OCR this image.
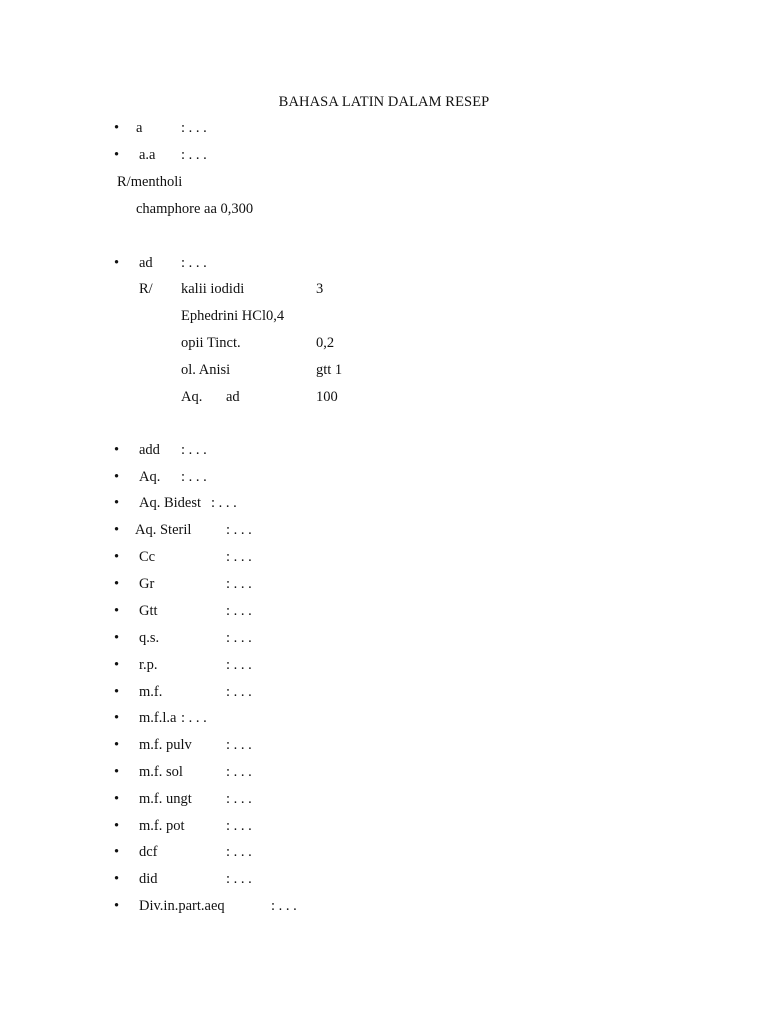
BAHASA LATIN DALAM RESEP
• a	: . . .
• a.a : . . .
R/mentholi
champhore aa 0,300
• ad : . . .
R/ kalii iodidi	3
Ephedrini HCl0,4
opii Tinct.	0,2
ol. Anisi	gtt 1
Aq. ad	100
• add : . . .
• Aq. : . . .
• Aq. Bidest : . . .
• Aq. Steril : . . .
• Cc	: . . .
• Gr	: . . .
• Gtt	: . . .
• q.s.	: . . .
• r.p.	: . . .
• m.f.	: . . .
• m.f.l.a : . . .
• m.f. pulv : . . .
• m.f. sol	: . . .
• m.f. ungt : . . .
• m.f. pot	: . . .
• dcf	: . . .
• did	: . . .
• Div.in.part.aeq	: . . .
